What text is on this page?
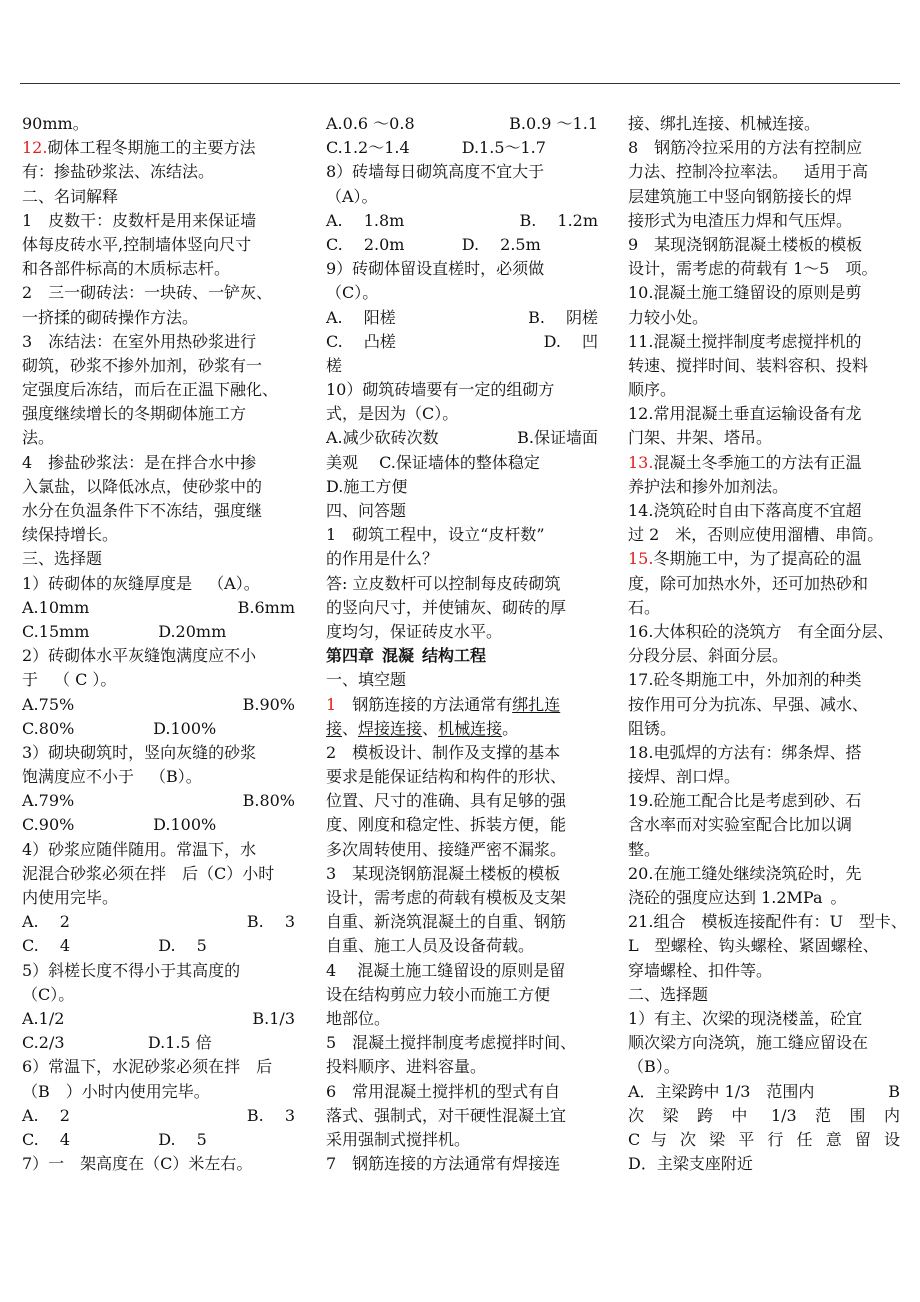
90mm。
12.砌体工程冬期施工的主要方法
有：掺盐砂浆法、冻结法。
二、名词解释
1 皮数干：皮数杆是用来保证墙
体每皮砖水平,控制墙体竖向尺寸
和各部件标高的木质标志杆。
2 三一砌砖法：一块砖、一铲灰、
一挤揉的砌砖操作方法。
3 冻结法：在室外用热砂浆进行
砌筑，砂浆不掺外加剂，砂浆有一
定强度后冻结，而后在正温下融化、
强度继续增长的冬期砌体施工方
法。
4 掺盐砂浆法：是在拌合水中掺
入氯盐，以降低冰点，使砂浆中的
水分在负温条件下不冻结，强度继
续保持增长。
三、选择题
1）砖砌体的灰缝厚度是 （A）。
A.10mm	B.6mm
C.15mm	D.20mm
2）砖砌体水平灰缝饱满度应不小
于 （ C ）。
A.75%	B.90%
C.80%	D.100%
3）砌块砌筑时，竖向灰缝的砂浆
饱满度应不小于 （B）。
A.79%	B.80%
C.90%	D.100%
4）砂浆应随伴随用。常温下，水
泥混合砂浆必须在拌 后（C）小时
内使用完毕。
A.  2	B.  3
C.  4	D.  5
5）斜槎长度不得小于其高度的
（C）。
A.1/2	B.1/3
C.2/3	D.1.5 倍
6）常温下，水泥砂浆必须在拌 后
（B ）小时内使用完毕。
A.  2	B.  3
C.  4	D.  5
7）一 架高度在（C）米左右。
A.0.6 ～0.8	B.0.9 ～1.1
C.1.2～1.4	D.1.5～1.7
8）砖墙每日砌筑高度不宜大于
（A）。
A.  1.8m	B.  1.2m
C.  2.0m	D.  2.5m
9）砖砌体留设直槎时，必须做
（C）。
A.  阳槎	B.  阴槎
C.  凸槎	D.  凹
槎
10）砌筑砖墙要有一定的组砌方
式，是因为（C）。
A.减少砍砖次数	B.保证墙面
美观  C.保证墙体的整体稳定
D.施工方便
四、问答题
1 砌筑工程中，设立“皮杆数”
的作用是什么？
答: 立皮数杆可以控制每皮砖砌筑
的竖向尺寸，并使铺灰、砌砖的厚
度均匀，保证砖皮水平。
第四章 混凝 结构工程
一、填空题
1 钢筋连接的方法通常有绑扎连
接、焊接连接、机械连接。
2 模板设计、制作及支撑的基本
要求是能保证结构和构件的形状、
位置、尺寸的准确、具有足够的强
度、刚度和稳定性、拆装方便，能
多次周转使用、接缝严密不漏浆。
3 某现浇钢筋混凝土楼板的模板
设计，需考虑的荷载有模板及支架
自重、新浇筑混凝土的自重、钢筋
自重、施工人员及设备荷载。
4  混凝土施工缝留设的原则是留
设在结构剪应力较小而施工方便
地部位。
5 混凝土搅拌制度考虑搅拌时间、
投料顺序、进料容量。
6 常用混凝土搅拌机的型式有自
落式、强制式，对干硬性混凝土宜
采用强制式搅拌机。
7 钢筋连接的方法通常有焊接连
接、绑扎连接、机械连接。
8 钢筋冷拉采用的方法有控制应
力法、控制冷拉率法。 适用于高
层建筑施工中竖向钢筋接长的焊
接形式为电渣压力焊和气压焊。
9 某现浇钢筋混凝土楼板的模板
设计，需考虑的荷载有 1～5 项。
10.混凝土施工缝留设的原则是剪
力较小处。
11.混凝土搅拌制度考虑搅拌机的
转速、搅拌时间、装料容积、投料
顺序。
12.常用混凝土垂直运输设备有龙
门架、井架、塔吊。
13.混凝土冬季施工的方法有正温
养护法和掺外加剂法。
14.浇筑砼时自由下落高度不宜超
过 2 米，否则应使用溜槽、串筒。
15.冬期施工中，为了提高砼的温
度，除可加热水外，还可加热砂和
石。
16.大体积砼的浇筑方 有全面分层、
分段分层、斜面分层。
17.砼冬期施工中，外加剂的种类
按作用可分为抗冻、早强、减水、
阻锈。
18.电弧焊的方法有：绑条焊、搭
接焊、剖口焊。
19.砼施工配合比是考虑到砂、石
含水率而对实验室配合比加以调
整。
20.在施工缝处继续浇筑砼时，先
浇砼的强度应达到 1.2MPa 。
21.组合 模板连接配件有：U 型卡、
L 型螺栓、钩头螺栓、紧固螺栓、
穿墙螺栓、扣件等。
二、选择题
1）有主、次梁的现浇楼盖，砼宜
顺次梁方向浇筑，施工缝应留设在
（B）。
A．主梁跨中 1/3 范围内	B
次 梁 跨 中  1/3  范 围 内
C 与 次 梁 平 行 任 意 留 设
D．主梁支座附近
